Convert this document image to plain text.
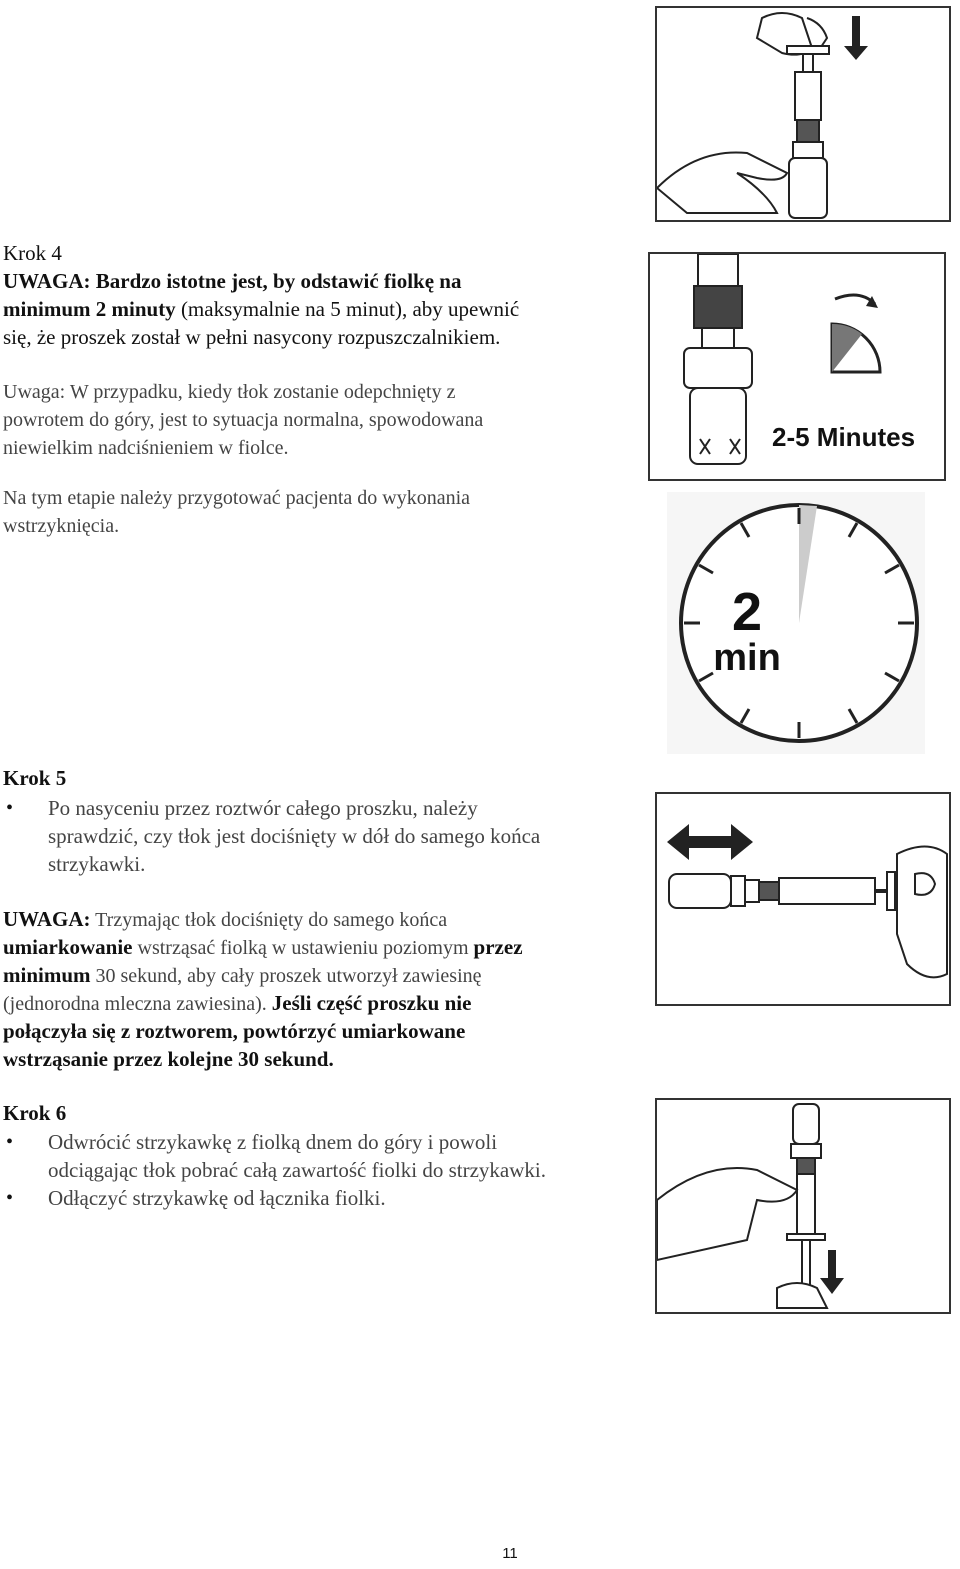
2-5 Minutes
2
min
Krok 4
UWAGA: Bardzo istotne jest, by odstawić fiolkę na
minimum 2 minuty (maksymalnie na 5 minut), aby upewnić
się, że proszek został w pełni nasycony rozpuszczalnikiem.
Uwaga: W przypadku, kiedy tłok zostanie odepchnięty z
powrotem do góry, jest to sytuacja normalna, spowodowana
niewielkim nadciśnieniem w fiolce.
Na tym etapie należy przygotować pacjenta do wykonania
wstrzyknięcia.
Krok 5
• Po nasyceniu przez roztwór całego proszku, należy
sprawdzić, czy tłok jest dociśnięty w dół do samego końca
strzykawki.
UWAGA: Trzymając tłok dociśnięty do samego końca
umiarkowanie wstrząsać fiolką w ustawieniu poziomym przez
minimum 30 sekund, aby cały proszek utworzył zawiesinę
(jednorodna mleczna zawiesina). Jeśli część proszku nie
połączyła się z roztworem, powtórzyć umiarkowane
wstrząsanie przez kolejne 30 sekund.
Krok 6
• Odwrócić strzykawkę z fiolką dnem do góry i powoli
odciągając tłok pobrać całą zawartość fiolki do strzykawki.
• Odłączyć strzykawkę od łącznika fiolki.
11
